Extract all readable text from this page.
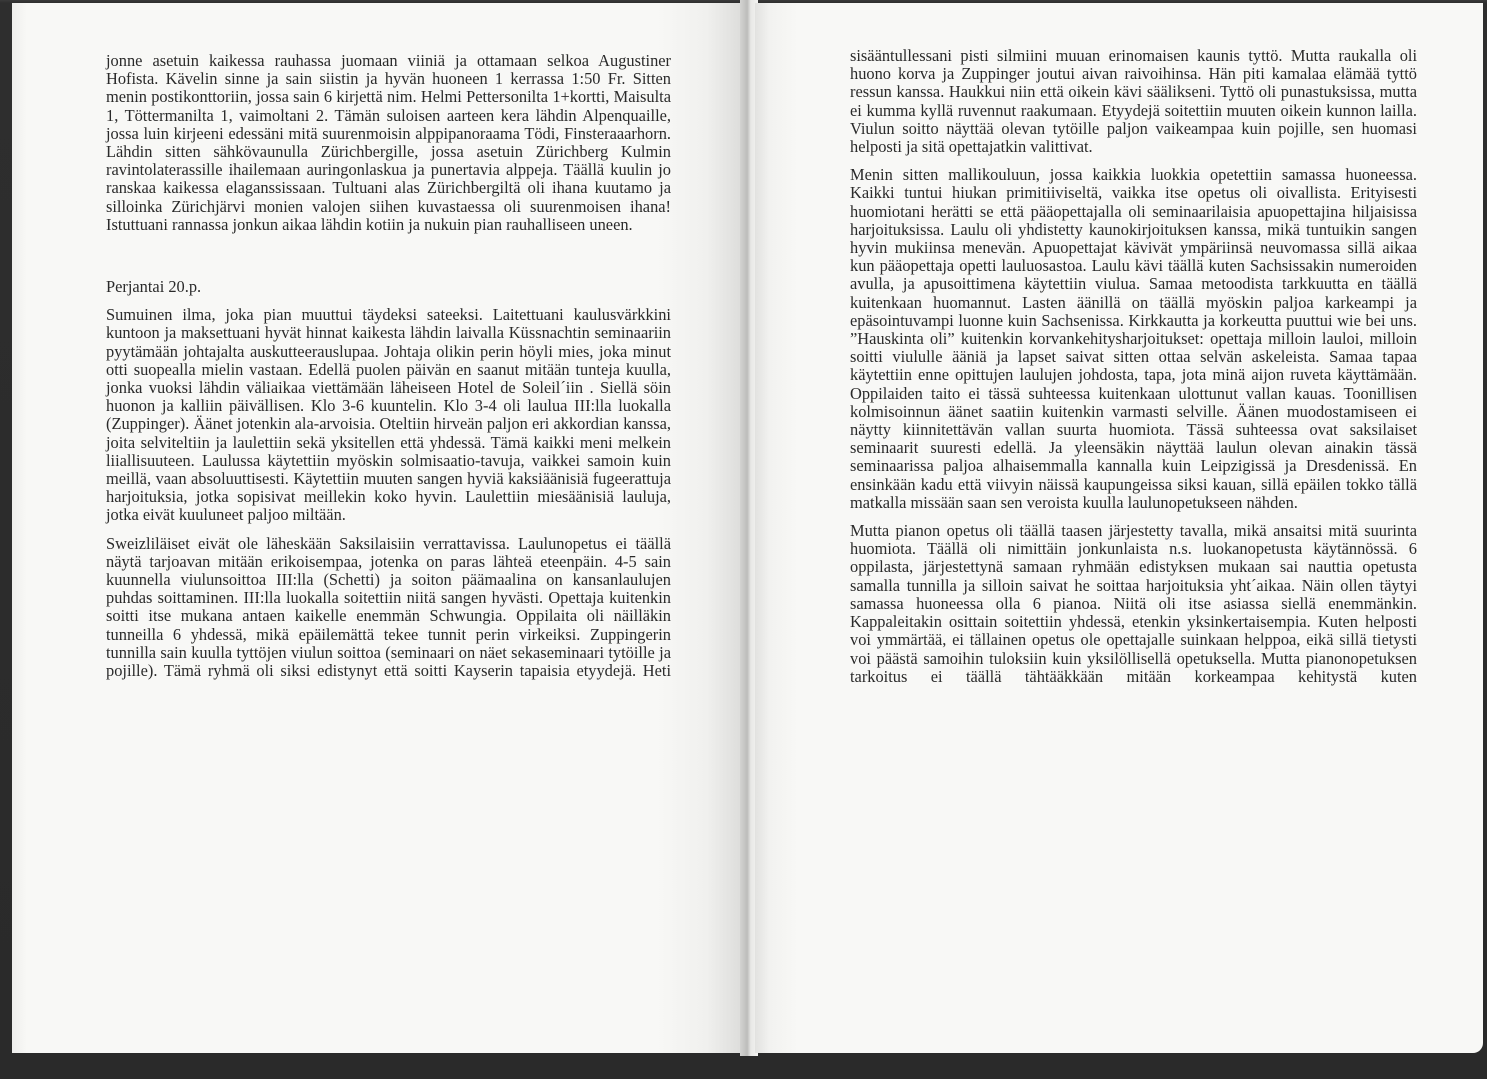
jonne asetuin kaikessa rauhassa juomaan viiniä ja ottamaan selkoa Augustiner Hofista. Kävelin sinne ja sain siistin ja hyvän huoneen 1 kerrassa 1:50 Fr. Sitten menin postikonttoriin, jossa sain 6 kirjettä nim. Helmi Pettersonilta 1+kortti, Maisulta 1, Töttermanilta 1, vaimoltani 2. Tämän suloisen aarteen kera lähdin Alpenquaille, jossa luin kirjeeni edessäni mitä suurenmoisin alppipanoraama Tödi, Finsteraaarhorn. Lähdin sitten sähkövaunulla Zürichbergille, jossa asetuin Zürichberg Kulmin ravintolaterassille ihailemaan auringonlaskua ja punertavia alppeja. Täällä kuulin jo ranskaa kaikessa elaganssissaan. Tultuani alas Zürichbergiltä oli ihana kuutamo ja silloinka Zürichjärvi monien valojen siihen kuvastaessa oli suurenmoisen ihana! Istuttuani rannassa jonkun aikaa lähdin kotiin ja nukuin pian rauhalliseen uneen.

Perjantai 20.p.

Sumuinen ilma, joka pian muuttui täydeksi sateeksi. Laitettuani kaulusvärkkini kuntoon ja maksettuani hyvät hinnat kaikesta lähdin laivalla Küssnachtin seminaariin pyytämään johtajalta auskutteerauslupaa. Johtaja olikin perin höyli mies, joka minut otti suopealla mielin vastaan. Edellä puolen päivän en saanut mitään tunteja kuulla, jonka vuoksi lähdin väliaikaa viettämään läheiseen Hotel de Soleil´iin . Siellä söin huonon ja kalliin päivällisen. Klo 3-6 kuuntelin. Klo 3-4 oli laulua III:lla luokalla (Zuppinger). Äänet jotenkin ala-arvoisia. Oteltiin hirveän paljon eri akkordian kanssa, joita selviteltiin ja laulettiin sekä yksitellen että yhdessä. Tämä kaikki meni melkein liiallisuuteen. Laulussa käytettiin myöskin solmisaatio-tavuja, vaikkei samoin kuin meillä, vaan absoluuttisesti. Käytettiin muuten sangen hyviä kaksiäänisiä fugeerattuja harjoituksia, jotka sopisivat meillekin koko hyvin. Laulettiin miesäänisiä lauluja, jotka eivät kuuluneet paljoo miltään.

Sweizliläiset eivät ole läheskään Saksilaisiin verrattavissa. Laulunopetus ei täällä näytä tarjoavan mitään erikoisempaa, jotenka on paras lähteä eteenpäin. 4-5 sain kuunnella viulunsoittoa III:lla (Schetti) ja soiton päämaalina on kansanlaulujen puhdas soittaminen. III:lla luokalla soitettiin niitä sangen hyvästi. Opettaja kuitenkin soitti itse mukana antaen kaikelle enemmän Schwungia. Oppilaita oli näilläkin tunneilla 6 yhdessä, mikä epäilemättä tekee tunnit perin virkeiksi. Zuppingerin tunnilla sain kuulla tyttöjen viulun soittoa (seminaari on näet sekaseminaari tytöille ja pojille). Tämä ryhmä oli siksi edistynyt että soitti Kayserin tapaisia etyydejä. Heti

sisääntullessani pisti silmiini muuan erinomaisen kaunis tyttö. Mutta raukalla oli huono korva ja Zuppinger joutui aivan raivoihinsa. Hän piti kamalaa elämää tyttö ressun kanssa. Haukkui niin että oikein kävi säälikseni. Tyttö oli punastuksissa, mutta ei kumma kyllä ruvennut raakumaan. Etyydejä soitettiin muuten oikein kunnon lailla. Viulun soitto näyttää olevan tytöille paljon vaikeampaa kuin pojille, sen huomasi helposti ja sitä opettajatkin valittivat.

Menin sitten mallikouluun, jossa kaikkia luokkia opetettiin samassa huoneessa. Kaikki tuntui hiukan primitiiviseltä, vaikka itse opetus oli oivallista. Erityisesti huomiotani herätti se että pääopettajalla oli seminaarilaisia apuopettajina hiljaisissa harjoituksissa. Laulu oli yhdistetty kaunokirjoituksen kanssa, mikä tuntuikin sangen hyvin mukiinsa menevän. Apuopettajat kävivät ympäriinsä neuvomassa sillä aikaa kun pääopettaja opetti lauluosastoa. Laulu kävi täällä kuten Sachsissakin numeroiden avulla, ja apusoittimena käytettiin viulua. Samaa metoodista tarkkuutta en täällä kuitenkaan huomannut. Lasten äänillä on täällä myöskin paljoa karkeampi ja epäsointuvampi luonne kuin Sachsenissa. Kirkkautta ja korkeutta puuttui wie bei uns. ”Hauskinta oli” kuitenkin korvankehitysharjoitukset: opettaja milloin lauloi, milloin soitti viululle ääniä ja lapset saivat sitten ottaa selvän askeleista. Samaa tapaa käytettiin enne opittujen laulujen johdosta, tapa, jota minä aijon ruveta käyttämään. Oppilaiden taito ei tässä suhteessa kuitenkaan ulottunut vallan kauas. Toonillisen kolmisoinnun äänet saatiin kuitenkin varmasti selville. Äänen muodostamiseen ei näytty kiinnitettävän vallan suurta huomiota. Tässä suhteessa ovat saksilaiset seminaarit suuresti edellä. Ja yleensäkin näyttää laulun olevan ainakin tässä seminaarissa paljoa alhaisemmalla kannalla kuin Leipzigissä ja Dresdenissä. En ensinkään kadu että viivyin näissä kaupungeissa siksi kauan, sillä epäilen tokko tällä matkalla missään saan sen veroista kuulla laulunopetukseen nähden.

Mutta pianon opetus oli täällä taasen järjestetty tavalla, mikä ansaitsi mitä suurinta huomiota. Täällä oli nimittäin jonkunlaista n.s. luokanopetusta käytännössä. 6 oppilasta, järjestettynä samaan ryhmään edistyksen mukaan sai nauttia opetusta samalla tunnilla ja silloin saivat he soittaa harjoituksia yht´aikaa. Näin ollen täytyi samassa huoneessa olla 6 pianoa. Niitä oli itse asiassa siellä enemmänkin. Kappaleitakin osittain soitettiin yhdessä, etenkin yksinkertaisempia. Kuten helposti voi ymmärtää, ei tällainen opetus ole opettajalle suinkaan helppoa, eikä sillä tietysti voi päästä samoihin tuloksiin kuin yksilöllisellä opetuksella. Mutta pianonopetuksen tarkoitus ei täällä tähtääkkään mitään korkeampaa kehitystä kuten
